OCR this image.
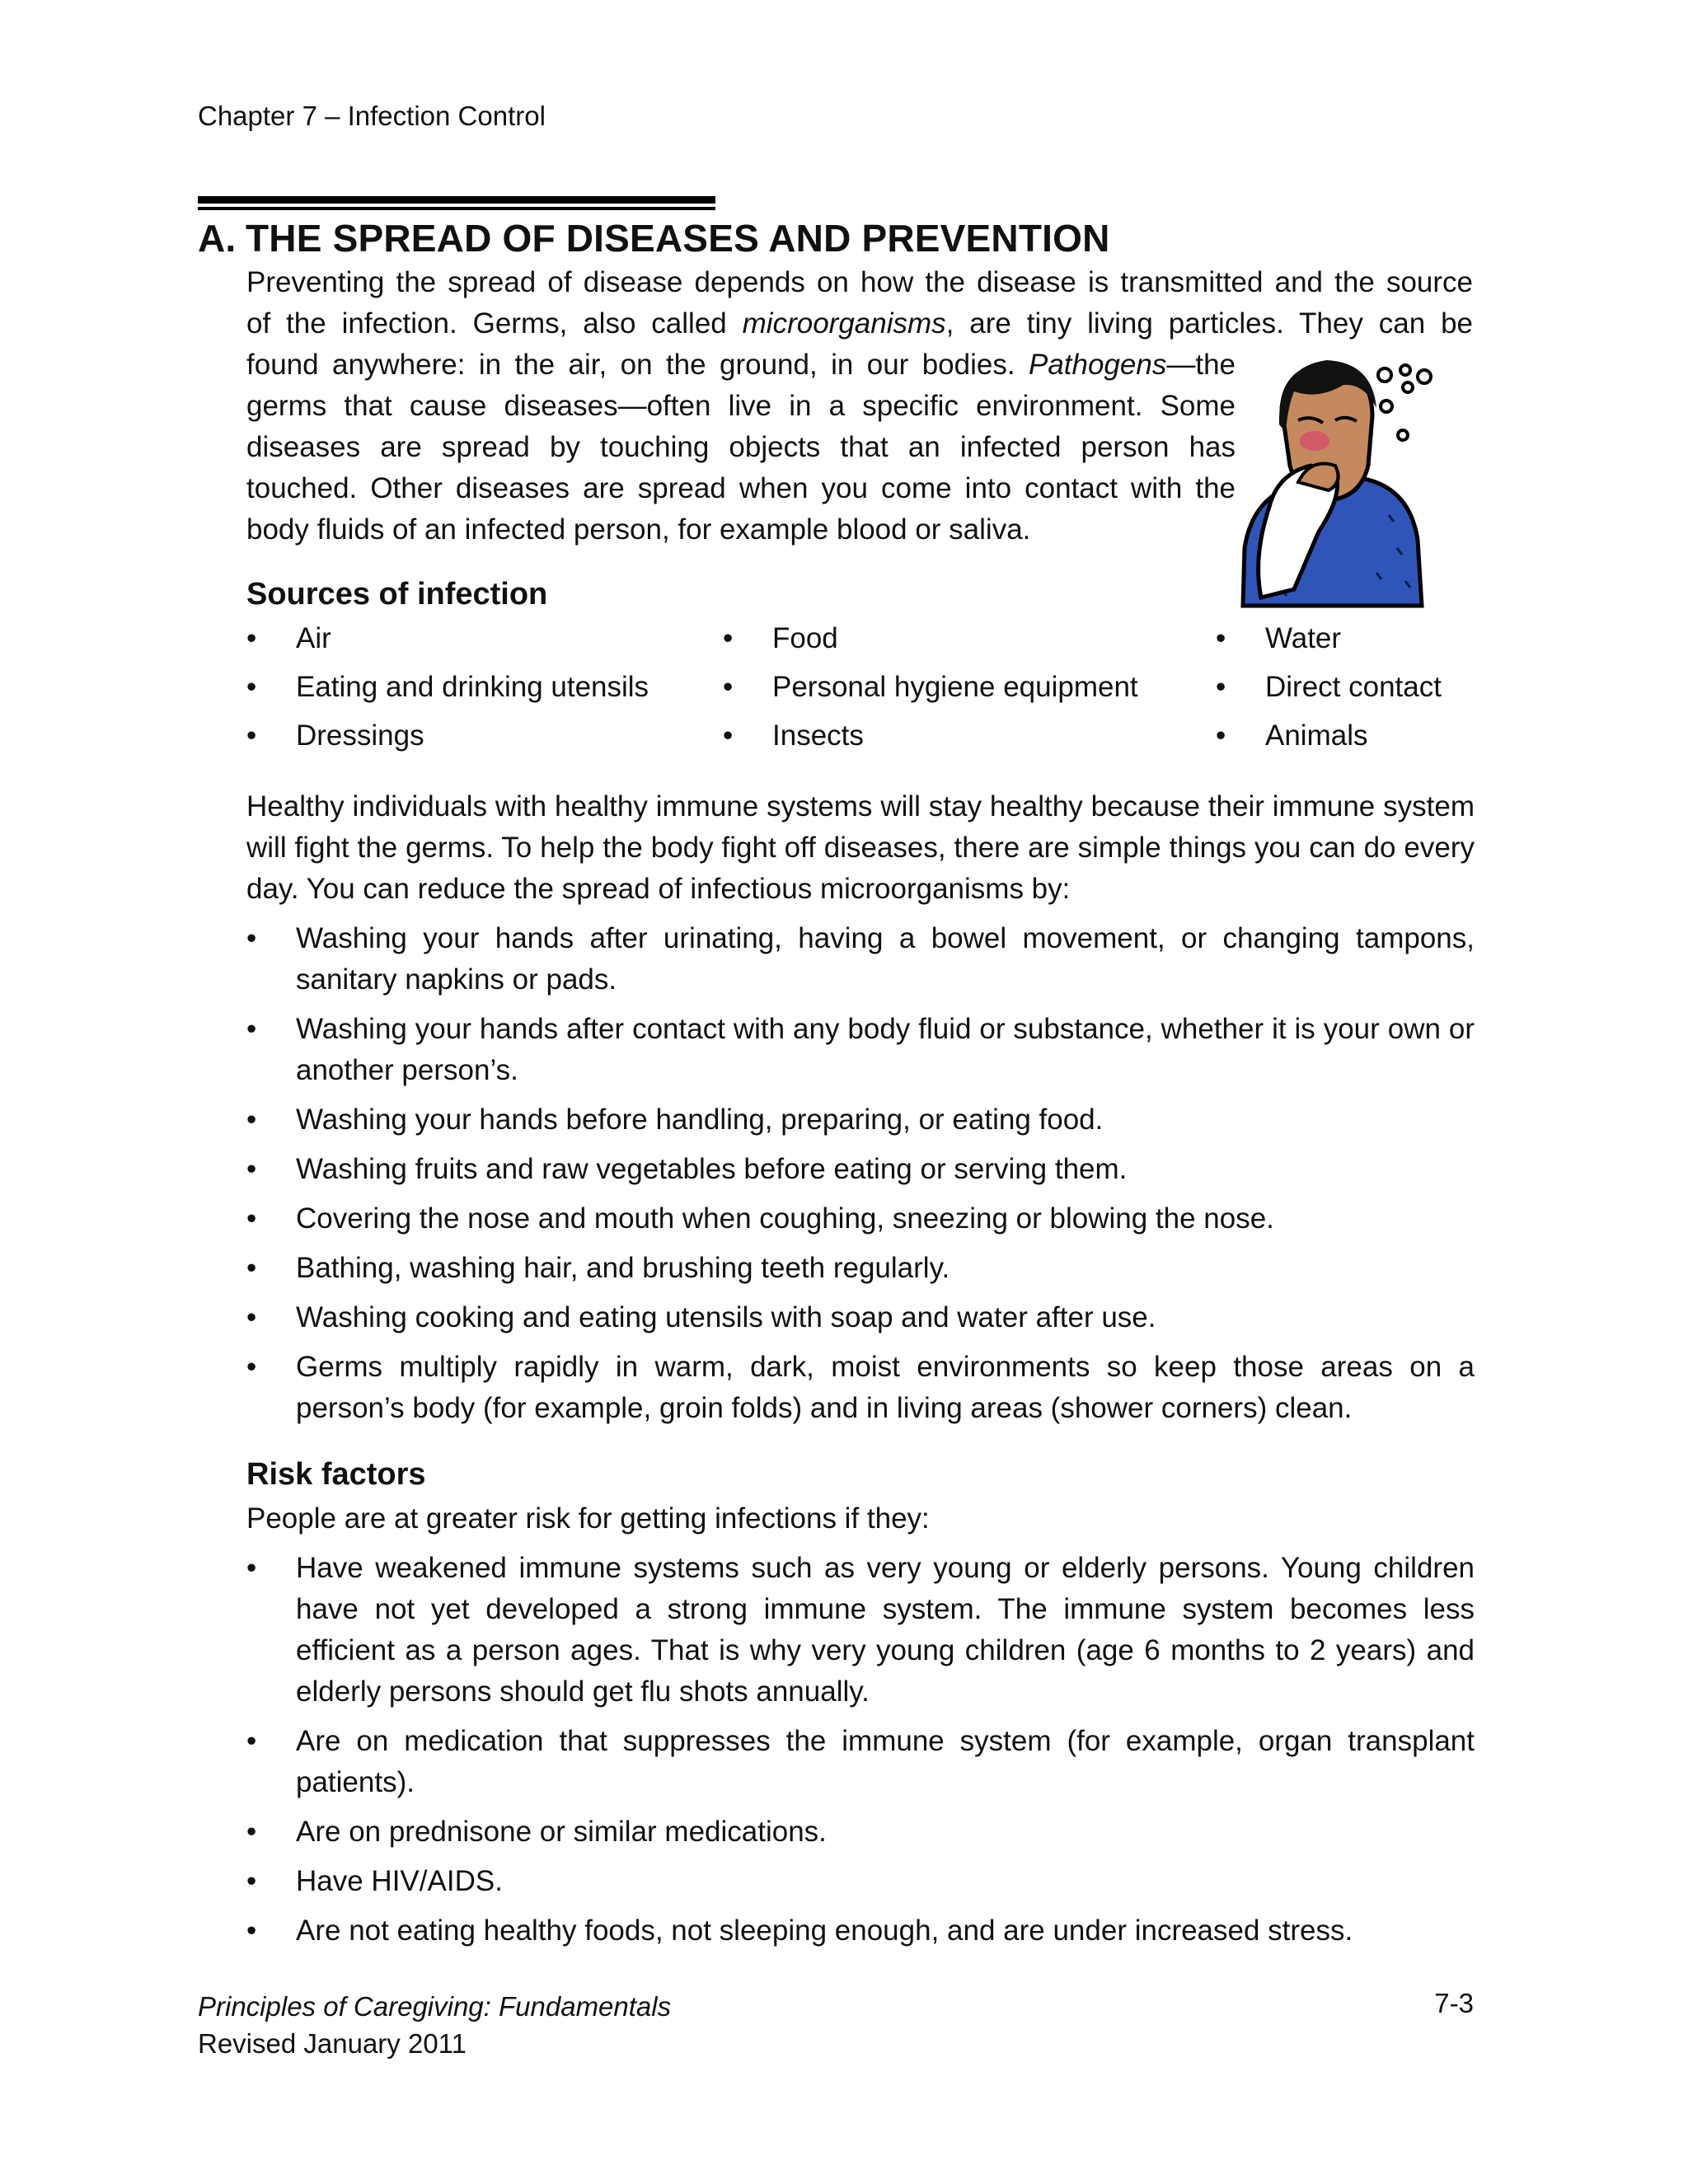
Chapter 7 – Infection Control
A. THE SPREAD OF DISEASES AND PREVENTION
Preventing the spread of disease depends on how the disease is transmitted and the source
of the infection. Germs, also called microorganisms, are tiny living particles. They can be
found anywhere: in the air, on the ground, in our bodies. Pathogens—the germs that cause diseases—often live in a specific environment. Some diseases are spread by touching objects that an infected person has touched. Other diseases are spread when you come into contact with the body fluids of an infected person, for example blood or saliva.
Sources of infection
•	Air	•	Food	•	Water
•	Eating and drinking utensils	•	Personal hygiene equipment	•	Direct contact
•	Dressings	•	Insects	•	Animals
Healthy individuals with healthy immune systems will stay healthy because their immune system will fight the germs. To help the body fight off diseases, there are simple things you can do every day. You can reduce the spread of infectious microorganisms by:
• Washing your hands after urinating, having a bowel movement, or changing tampons, sanitary napkins or pads.
• Washing your hands after contact with any body fluid or substance, whether it is your own or another person’s.
• Washing your hands before handling, preparing, or eating food.
• Washing fruits and raw vegetables before eating or serving them.
• Covering the nose and mouth when coughing, sneezing or blowing the nose.
• Bathing, washing hair, and brushing teeth regularly.
• Washing cooking and eating utensils with soap and water after use.
• Germs multiply rapidly in warm, dark, moist environments so keep those areas on a person’s body (for example, groin folds) and in living areas (shower corners) clean.
Risk factors
People are at greater risk for getting infections if they:
• Have weakened immune systems such as very young or elderly persons. Young children have not yet developed a strong immune system. The immune system becomes less efficient as a person ages. That is why very young children (age 6 months to 2 years) and elderly persons should get flu shots annually.
• Are on medication that suppresses the immune system (for example, organ transplant patients).
• Are on prednisone or similar medications.
• Have HIV/AIDS.
• Are not eating healthy foods, not sleeping enough, and are under increased stress.
Principles of Caregiving: Fundamentals
Revised January 2011
7-3
